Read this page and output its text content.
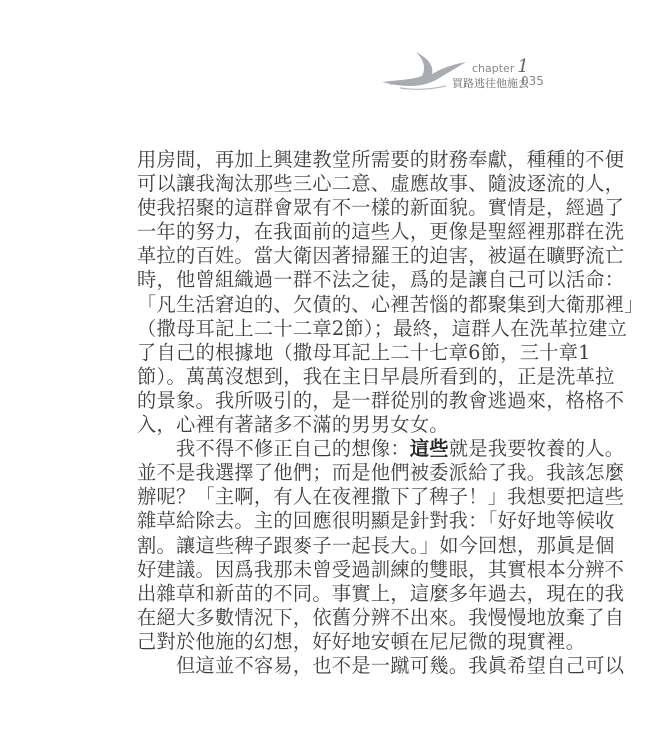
chapter 1
買路逃往他施去
035
用房間，再加上興建教堂所需要的財務奉獻，種種的不便
可以讓我淘汰那些三心二意、虛應故事、隨波逐流的人，
使我招聚的這群會眾有不一樣的新面貌。實情是，經過了
一年的努力，在我面前的這些人，更像是聖經裡那群在洗
革拉的百姓。當大衛因著掃羅王的迫害，被逼在曠野流亡
時，他曾組織過一群不法之徒，爲的是讓自己可以活命：
「凡生活窘迫的、欠債的、心裡苦惱的都聚集到大衛那裡」
（撒母耳記上二十二章2節）；最終，這群人在洗革拉建立
了自己的根據地（撒母耳記上二十七章6節，三十章1
節）。萬萬沒想到，我在主日早晨所看到的，正是洗革拉
的景象。我所吸引的，是一群從別的教會逃過來，格格不
入，心裡有著諸多不滿的男男女女。
我不得不修正自己的想像：這些就是我要牧養的人。
並不是我選擇了他們；而是他們被委派給了我。我該怎麼
辦呢？「主啊，有人在夜裡撒下了稗子！」我想要把這些
雜草給除去。主的回應很明顯是針對我：「好好地等候收
割。讓這些稗子跟麥子一起長大。」如今回想，那眞是個
好建議。因爲我那未曾受過訓練的雙眼，其實根本分辨不
出雜草和新苗的不同。事實上，這麼多年過去，現在的我
在絕大多數情況下，依舊分辨不出來。我慢慢地放棄了自
己對於他施的幻想，好好地安頓在尼尼微的現實裡。
但這並不容易，也不是一蹴可幾。我眞希望自己可以
